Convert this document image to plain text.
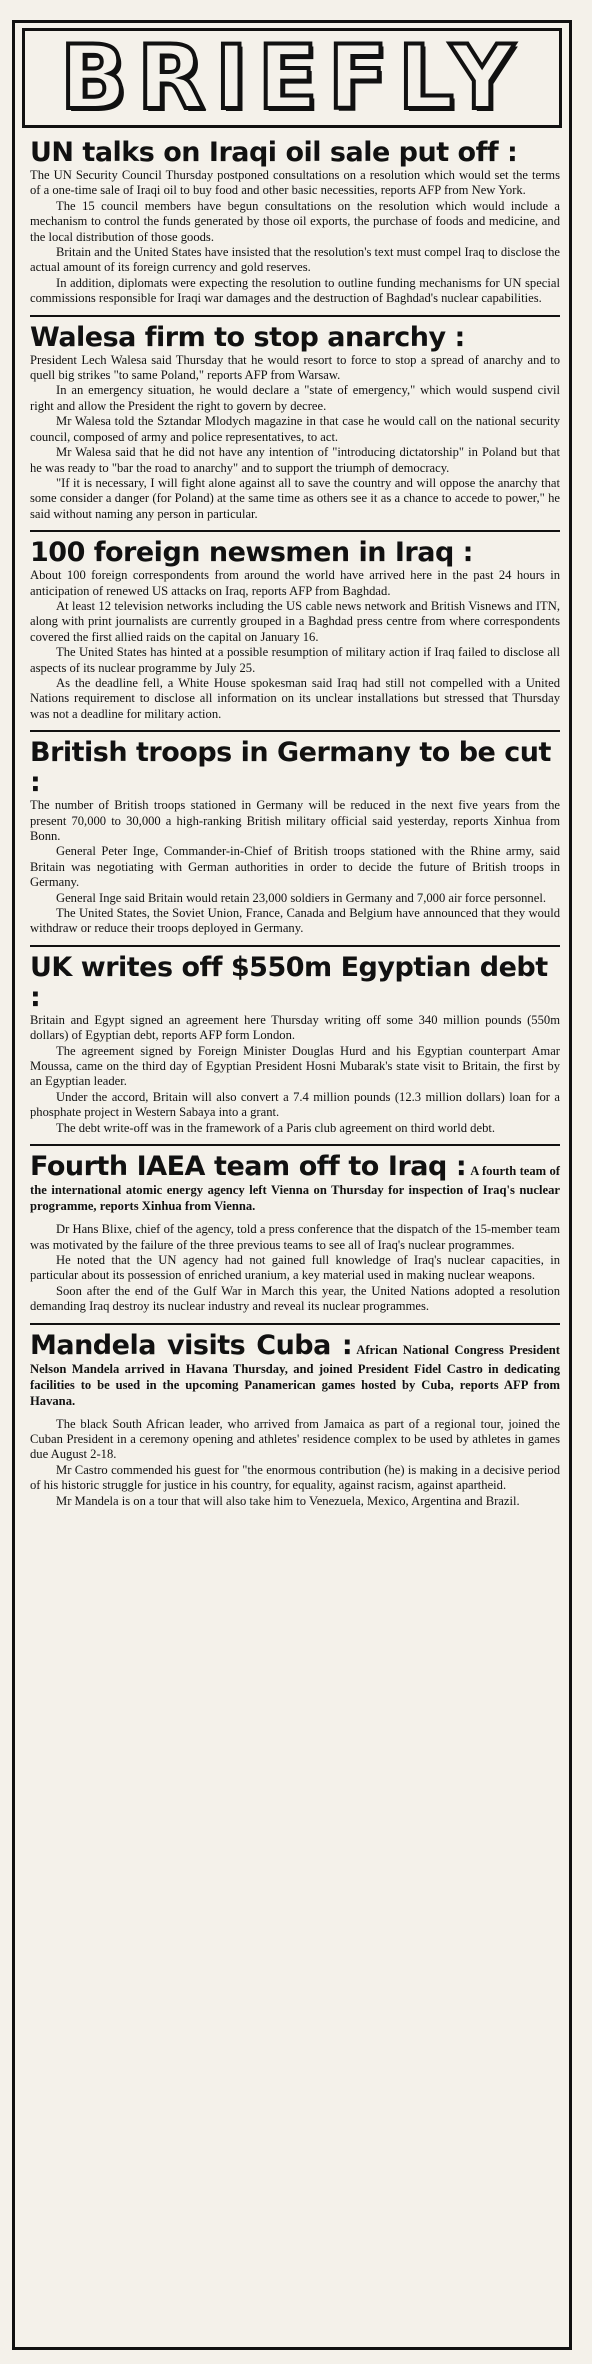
BRIEFLY
UN talks on Iraqi oil sale put off :

The UN Security Council Thursday postponed consultations on a resolution which would set the terms of a one-time sale of Iraqi oil to buy food and other basic necessities, reports AFP from New York.

The 15 council members have begun consultations on the resolution which would include a mechanism to control the funds generated by those oil exports, the purchase of foods and medicine, and the local distribution of those goods.

Britain and the United States have insisted that the resolution's text must compel Iraq to disclose the actual amount of its foreign currency and gold reserves.

In addition, diplomats were expecting the resolution to outline funding mechanisms for UN special commissions responsible for Iraqi war damages and the destruction of Baghdad's nuclear capabilities.

Walesa firm to stop anarchy :

President Lech Walesa said Thursday that he would resort to force to stop a spread of anarchy and to quell big strikes "to same Poland," reports AFP from Warsaw.

In an emergency situation, he would declare a "state of emergency," which would suspend civil right and allow the President the right to govern by decree.

Mr Walesa told the Sztandar Mlodych magazine in that case he would call on the national security council, composed of army and police representatives, to act.

Mr Walesa said that he did not have any intention of "introducing dictatorship" in Poland but that he was ready to "bar the road to anarchy" and to support the triumph of democracy.

"If it is necessary, I will fight alone against all to save the country and will oppose the anarchy that some consider a danger (for Poland) at the same time as others see it as a chance to accede to power," he said without naming any person in particular.

100 foreign newsmen in Iraq :

About 100 foreign correspondents from around the world have arrived here in the past 24 hours in anticipation of renewed US attacks on Iraq, reports AFP from Baghdad.

At least 12 television networks including the US cable news network and British Visnews and ITN, along with print journalists are currently grouped in a Baghdad press centre from where correspondents covered the first allied raids on the capital on January 16.

The United States has hinted at a possible resumption of military action if Iraq failed to disclose all aspects of its nuclear programme by July 25.

As the deadline fell, a White House spokesman said Iraq had still not compelled with a United Nations requirement to disclose all information on its unclear installations but stressed that Thursday was not a deadline for military action.

British troops in Germany to be cut :

The number of British troops stationed in Germany will be reduced in the next five years from the present 70,000 to 30,000 a high-ranking British military official said yesterday, reports Xinhua from Bonn.

General Peter Inge, Commander-in-Chief of British troops stationed with the Rhine army, said Britain was negotiating with German authorities in order to decide the future of British troops in Germany.

General Inge said Britain would retain 23,000 soldiers in Germany and 7,000 air force personnel.

The United States, the Soviet Union, France, Canada and Belgium have announced that they would withdraw or reduce their troops deployed in Germany.

UK writes off $550m Egyptian debt :

Britain and Egypt signed an agreement here Thursday writing off some 340 million pounds (550m dollars) of Egyptian debt, reports AFP form London.

The agreement signed by Foreign Minister Douglas Hurd and his Egyptian counterpart Amar Moussa, came on the third day of Egyptian President Hosni Mubarak's state visit to Britain, the first by an Egyptian leader.

Under the accord, Britain will also convert a 7.4 million pounds (12.3 million dollars) loan for a phosphate project in Western Sabaya into a grant.

The debt write-off was in the framework of a Paris club agreement on third world debt.

Fourth IAEA team off to Iraq : A fourth team of the international atomic energy agency left Vienna on Thursday for inspection of Iraq's nuclear programme, reports Xinhua from Vienna.

Dr Hans Blixe, chief of the agency, told a press conference that the dispatch of the 15-member team was motivated by the failure of the three previous teams to see all of Iraq's nuclear programmes.

He noted that the UN agency had not gained full knowledge of Iraq's nuclear capacities, in particular about its possession of enriched uranium, a key material used in making nuclear weapons.

Soon after the end of the Gulf War in March this year, the United Nations adopted a resolution demanding Iraq destroy its nuclear industry and reveal its nuclear programmes.

Mandela visits Cuba : African National Congress President Nelson Mandela arrived in Havana Thursday, and joined President Fidel Castro in dedicating facilities to be used in the upcoming Panamerican games hosted by Cuba, reports AFP from Havana.

The black South African leader, who arrived from Jamaica as part of a regional tour, joined the Cuban President in a ceremony opening and athletes' residence complex to be used by athletes in games due August 2-18.

Mr Castro commended his guest for "the enormous contribution (he) is making in a decisive period of his historic struggle for justice in his country, for equality, against racism, against apartheid.

Mr Mandela is on a tour that will also take him to Venezuela, Mexico, Argentina and Brazil.
